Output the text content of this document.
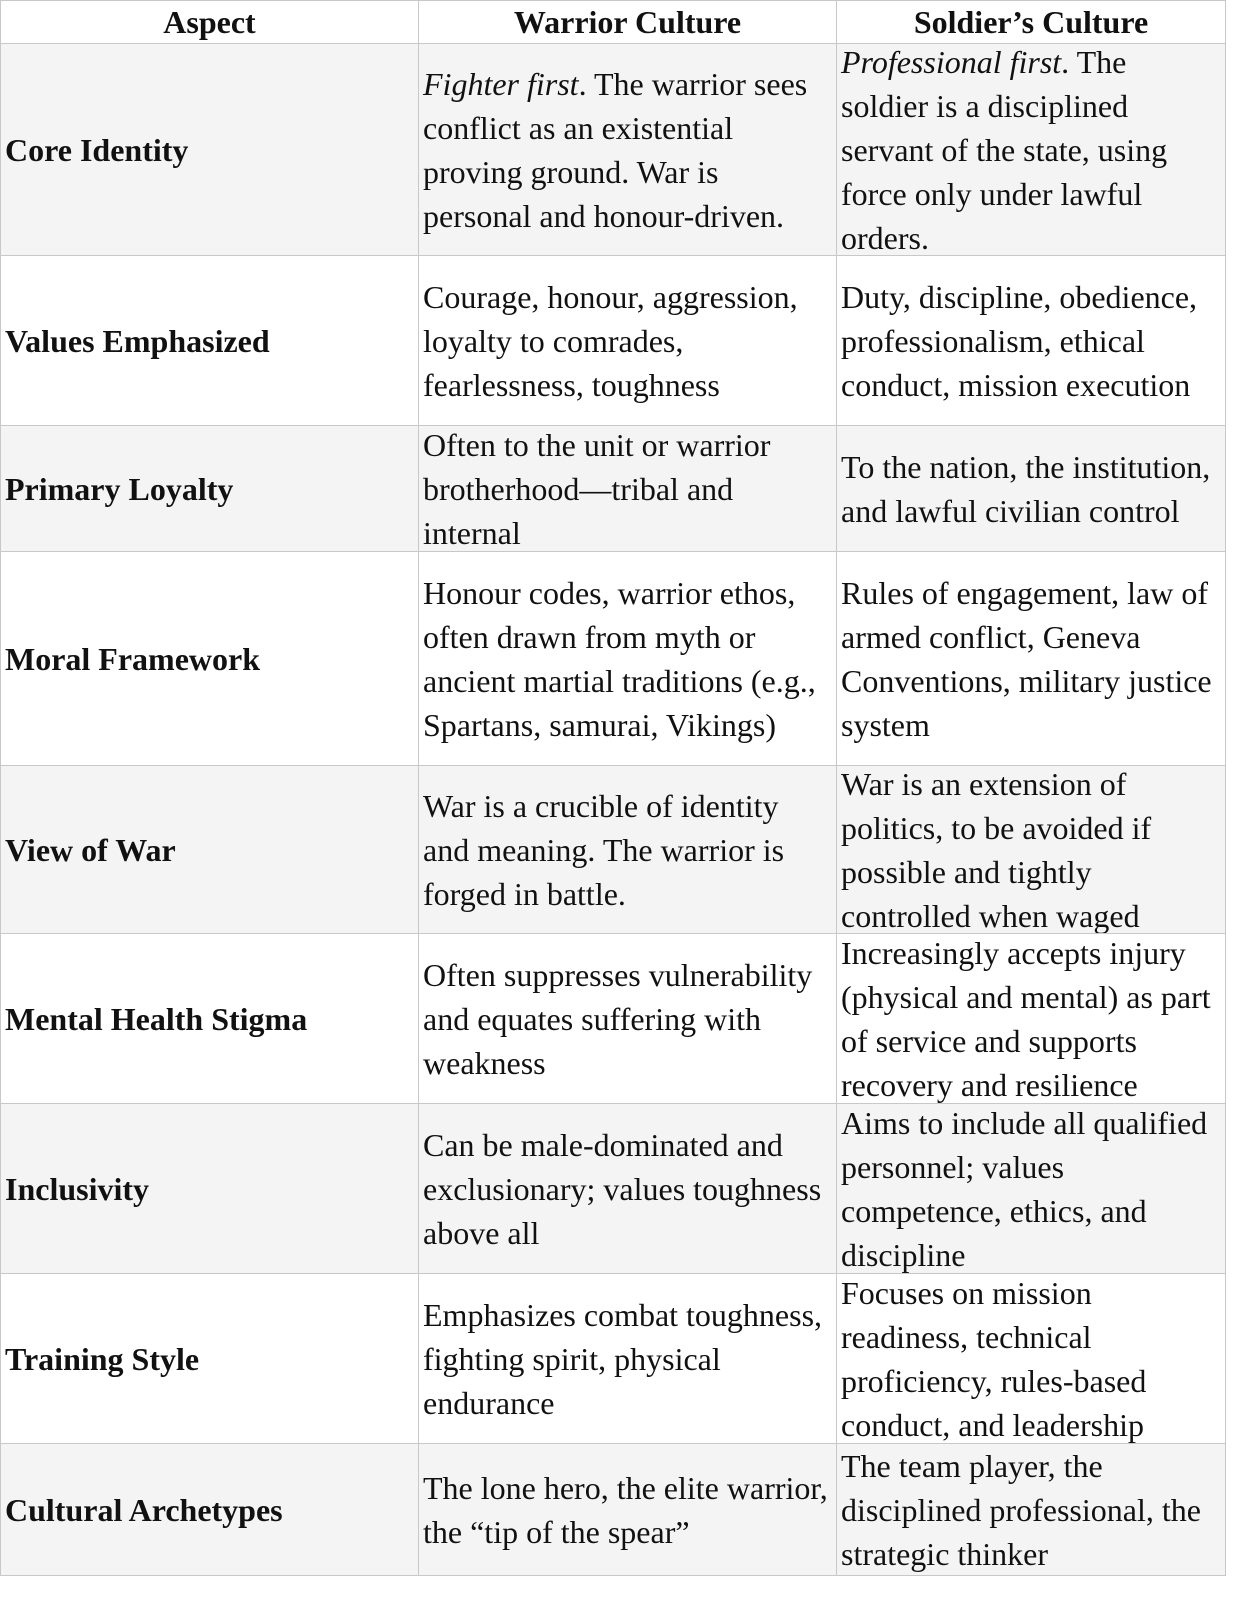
Aspect	Warrior Culture	Soldier’s Culture
Core Identity
Fighter first. The warrior sees conflict as an existential proving ground. War is personal and honour-driven.
Professional first. The soldier is a disciplined servant of the state, using force only under lawful orders.
Values Emphasized
Courage, honour, aggression, loyalty to comrades, fearlessness, toughness
Duty, discipline, obedience, professionalism, ethical conduct, mission execution
Primary Loyalty
Often to the unit or warrior brotherhood—tribal and internal
To the nation, the institution, and lawful civilian control
Moral Framework
Honour codes, warrior ethos, often drawn from myth or ancient martial traditions (e.g., Spartans, samurai, Vikings)
Rules of engagement, law of armed conflict, Geneva Conventions, military justice system
View of War
War is a crucible of identity and meaning. The warrior is forged in battle.
War is an extension of politics, to be avoided if possible and tightly controlled when waged
Mental Health Stigma
Often suppresses vulnerability and equates suffering with weakness
Increasingly accepts injury (physical and mental) as part of service and supports recovery and resilience
Inclusivity
Can be male-dominated and exclusionary; values toughness above all
Aims to include all qualified personnel; values competence, ethics, and discipline
Training Style
Emphasizes combat toughness, fighting spirit, physical endurance
Focuses on mission readiness, technical proficiency, rules-based conduct, and leadership
Cultural Archetypes
The lone hero, the elite warrior, the “tip of the spear”
The team player, the disciplined professional, the strategic thinker
